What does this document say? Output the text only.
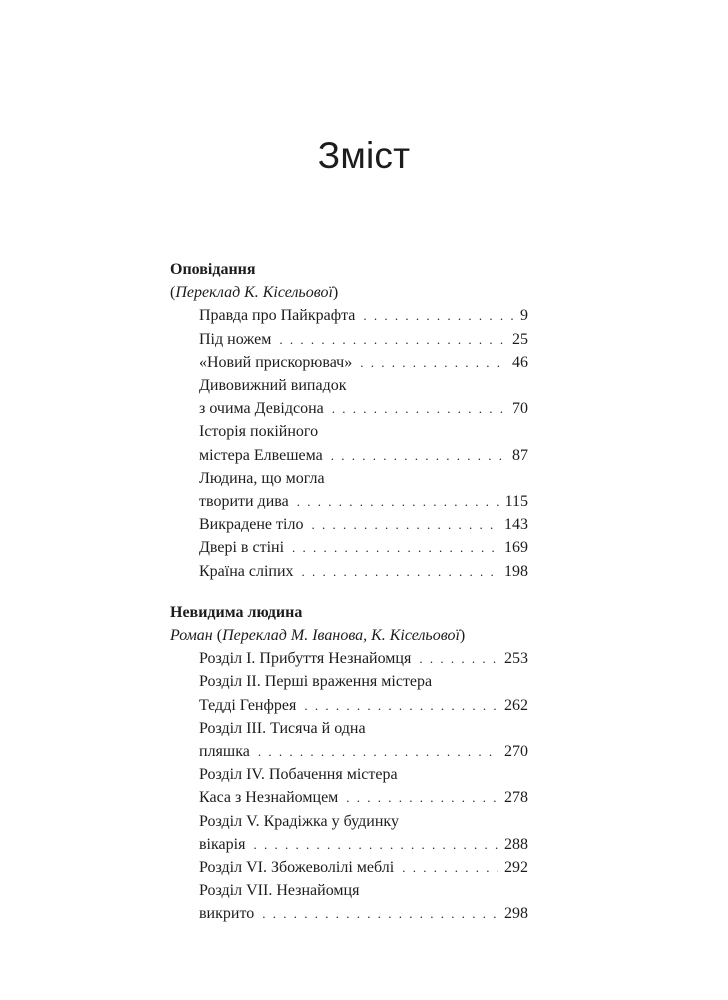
Зміст
Оповідання
(Переклад К. Кісельової)
Правда про Пайкрафта . . .	9
Під ножем . . .	25
«Новий прискорювач» . . .	46
Дивовижний випадок
з очима Девідсона . . .	70
Історія покійного
містера Елвешема . . .	87
Людина, що могла
творити дива . . .	115
Викрадене тіло . . .	143
Двері в стіні . . .	169
Країна сліпих . . .	198
Невидима людина
Роман (Переклад М. Іванова, К. Кісельової)
Розділ I. Прибуття Незнайомця . . .	253
Розділ II. Перші враження містера
Тедді Генфрея . . .	262
Розділ III. Тисяча й одна
пляшка . . .	270
Розділ IV. Побачення містера
Каса з Незнайомцем . . .	278
Розділ V. Крадіжка у будинку
вікарія . . .	288
Розділ VI. Збожеволілі меблі . . .	292
Розділ VII. Незнайомця
викрито . . .	298
